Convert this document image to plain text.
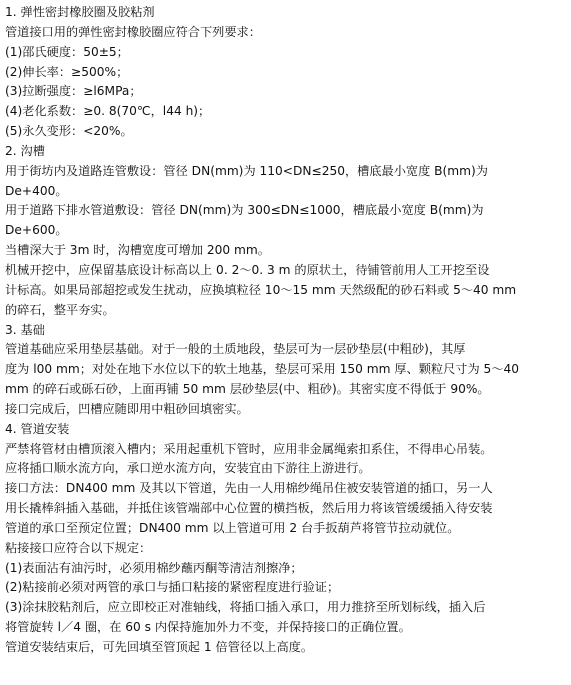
1. 弹性密封橡胶圈及胶粘剂
管道接口用的弹性密封橡胶圈应符合下列要求：
(1)邵氏硬度：50±5；
(2)伸长率：≥500%；
(3)拉断强度：≥l6MPa；
(4)老化系数：≥0. 8(70℃，l44 h)；
(5)永久变形：<20%。
2. 沟槽
用于街坊内及道路连管敷设：管径 DN(mm)为 110<DN≤250，槽底最小宽度 B(mm)为
De+400。
用于道路下排水管道敷设：管径 DN(mm)为 300≤DN≤1000，槽底最小宽度 B(mm)为
De+600。
当槽深大于 3m 时，沟槽宽度可增加 200 mm。
机械开挖中，应保留基底设计标高以上 0. 2～0. 3 m 的原状土，待铺管前用人工开挖至设
计标高。如果局部超挖或发生扰动，应换填粒径 10～15 mm 天然级配的砂石料或 5～40 mm
的碎石，整平夯实。
3. 基础
管道基础应采用垫层基础。对于一般的土质地段，垫层可为一层砂垫层(中粗砂)，其厚
度为 l00 mm；对处在地下水位以下的软土地基，垫层可采用 150 mm 厚、颗粒尺寸为 5～40
mm 的碎石或砾石砂，上面再铺 50 mm 层砂垫层(中、粗砂)。其密实度不得低于 90%。
接口完成后，凹槽应随即用中粗砂回填密实。
4. 管道安装
严禁将管材由槽顶滚入槽内；采用起重机下管时，应用非金属绳索扣系住，不得串心吊装。
应将插口顺水流方向，承口逆水流方向，安装宜由下游往上游进行。
接口方法：DN400 mm 及其以下管道，先由一人用棉纱绳吊住被安装管道的插口，另一人
用长撬棒斜插入基础，并抵住该管端部中心位置的横挡板，然后用力将该管缓缓插入待安装
管道的承口至预定位置；DN400 mm 以上管道可用 2 台手扳葫芦将管节拉动就位。
粘接接口应符合以下规定：
(1)表面沾有油污时，必须用棉纱蘸丙酮等清洁剂擦净；
(2)粘接前必须对两管的承口与插口粘接的紧密程度进行验证；
(3)涂抹胶粘剂后，应立即校正对准轴线，将插口插入承口，用力推挤至所划标线，插入后
将管旋转 l／4 圈，在 60 s 内保持施加外力不变，并保持接口的正确位置。
管道安装结束后，可先回填至管顶起 1 倍管径以上高度。
